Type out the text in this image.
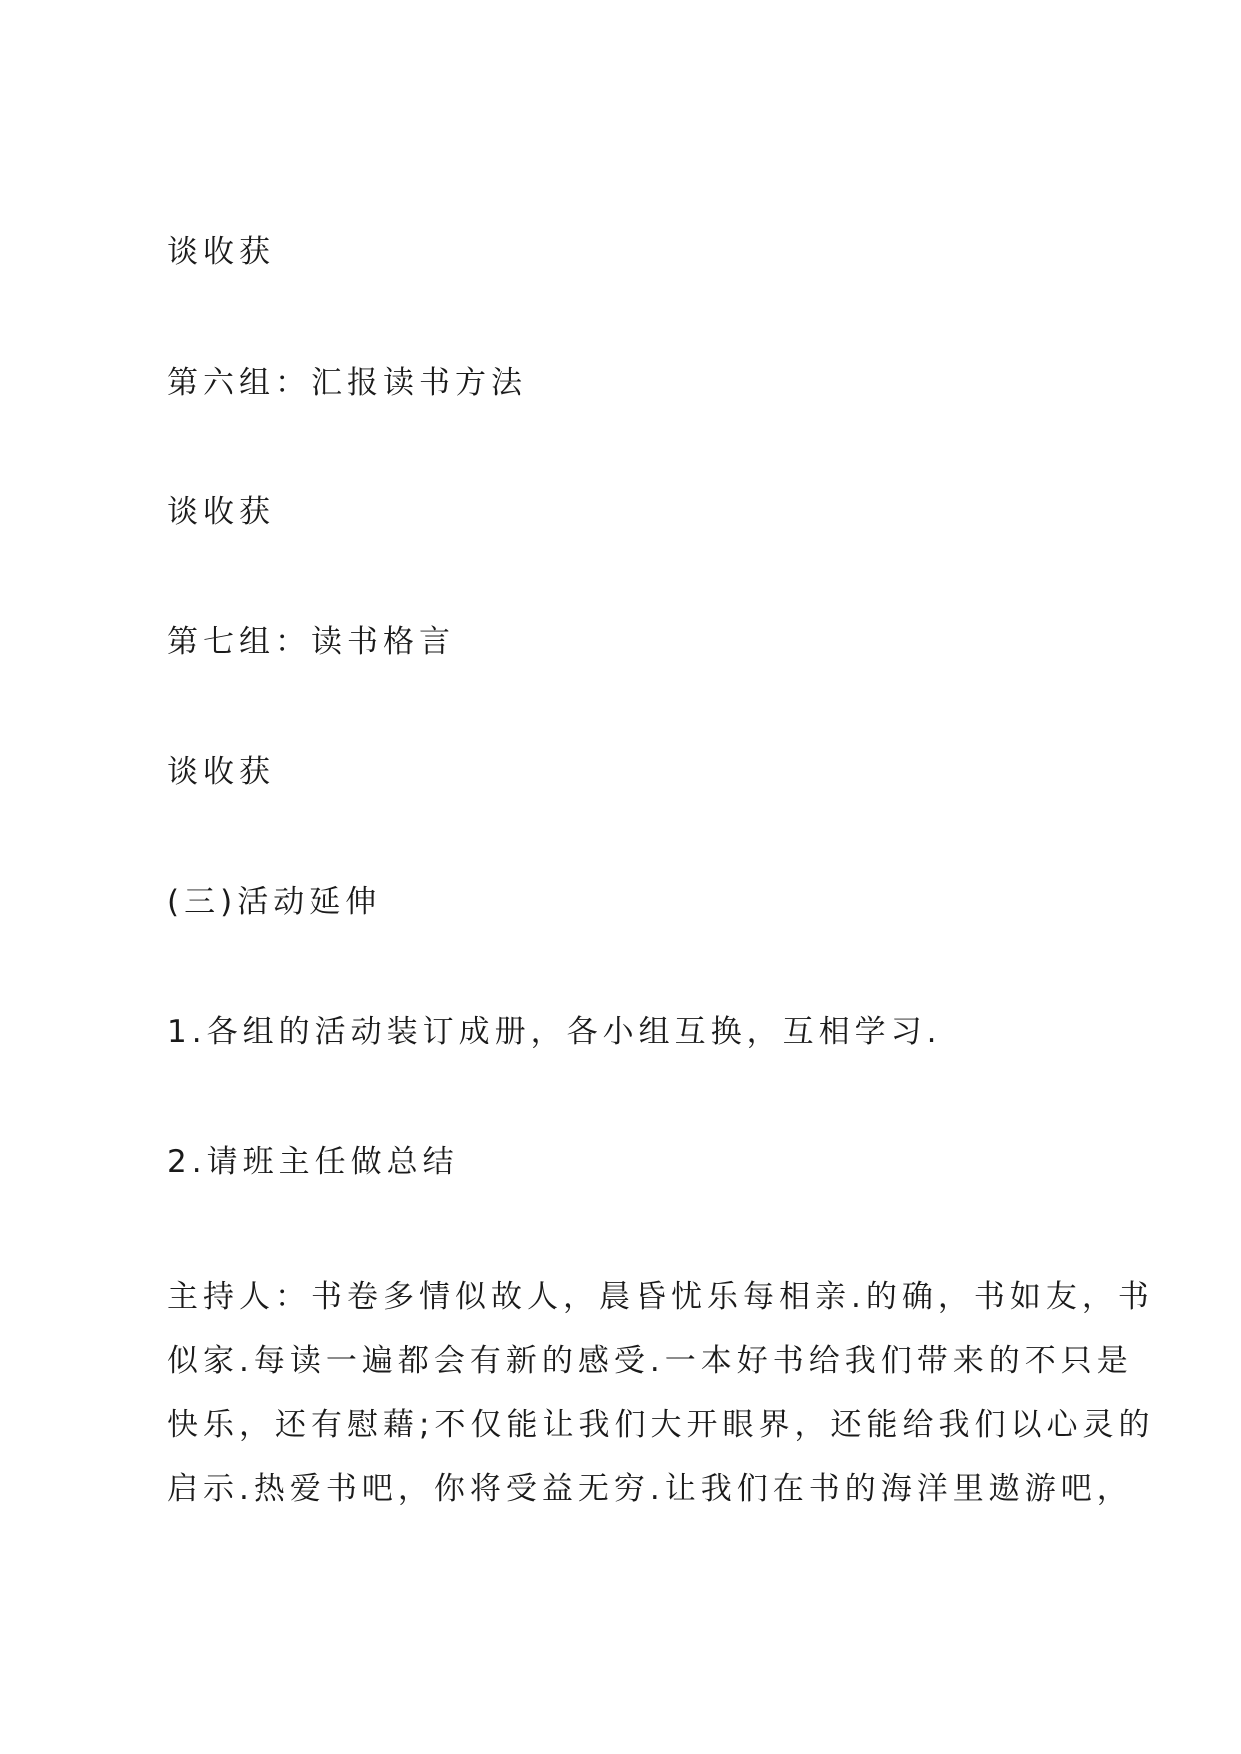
谈收获

第六组：汇报读书方法

谈收获

第七组：读书格言

谈收获

(三)活动延伸

1.各组的活动装订成册，各小组互换，互相学习.

2.请班主任做总结

主持人：书卷多情似故人，晨昏忧乐每相亲.的确，书如友，书
似家.每读一遍都会有新的感受.一本好书给我们带来的不只是
快乐，还有慰藉;不仅能让我们大开眼界，还能给我们以心灵的
启示.热爱书吧，你将受益无穷.让我们在书的海洋里遨游吧，
